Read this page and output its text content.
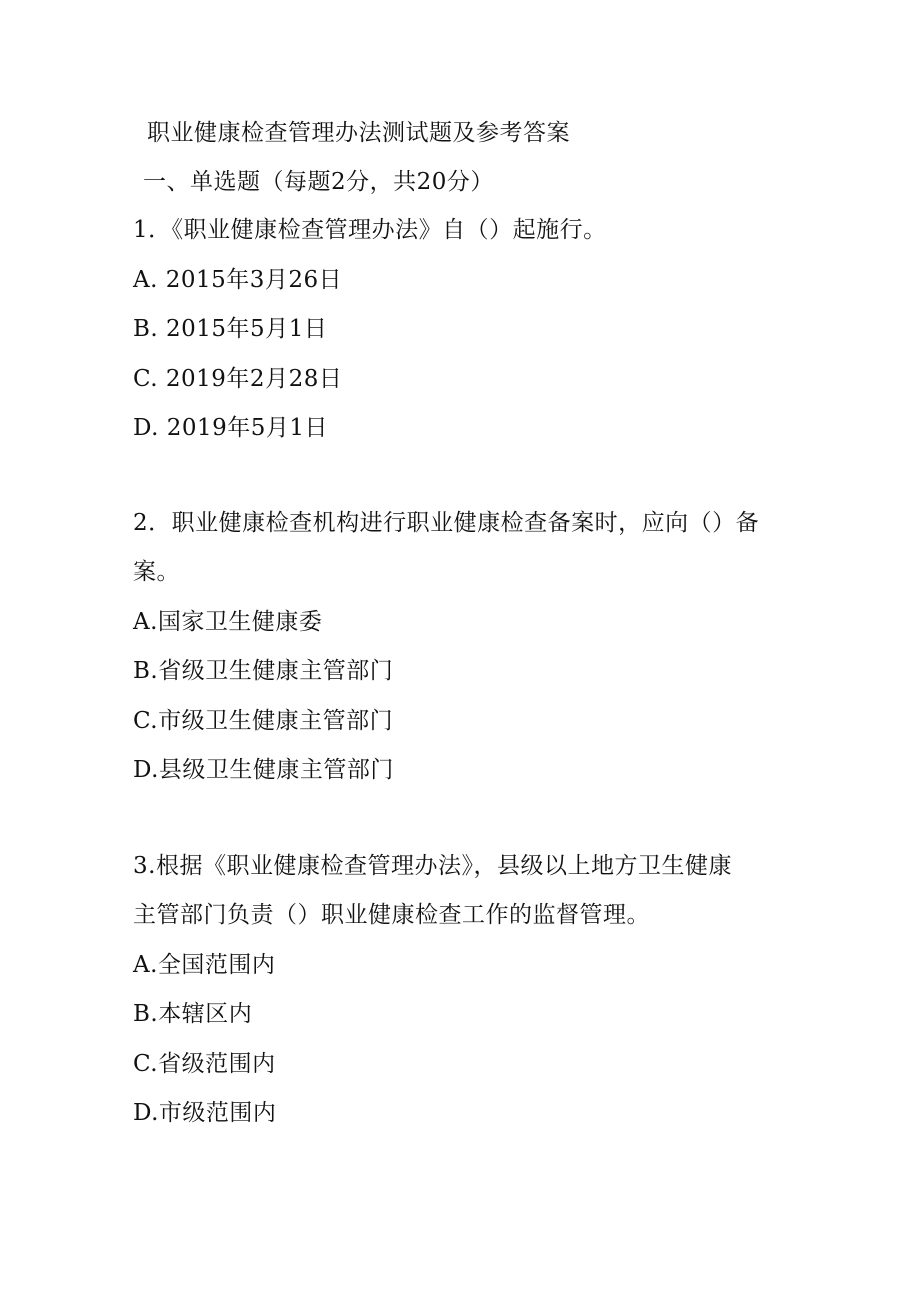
职业健康检查管理办法测试题及参考答案
一、单选题（每题2分，共20分）
1．《职业健康检查管理办法》自（）起施行。
A. 2015年3月26日
B. 2015年5月1日
C. 2019年2月28日
D. 2019年5月1日
2．职业健康检查机构进行职业健康检查备案时，应向（）备
案。
A.国家卫生健康委
B.省级卫生健康主管部门
C.市级卫生健康主管部门
D.县级卫生健康主管部门
3.根据《职业健康检查管理办法》，县级以上地方卫生健康
主管部门负责（）职业健康检查工作的监督管理。
A.全国范围内
B.本辖区内
C.省级范围内
D.市级范围内
